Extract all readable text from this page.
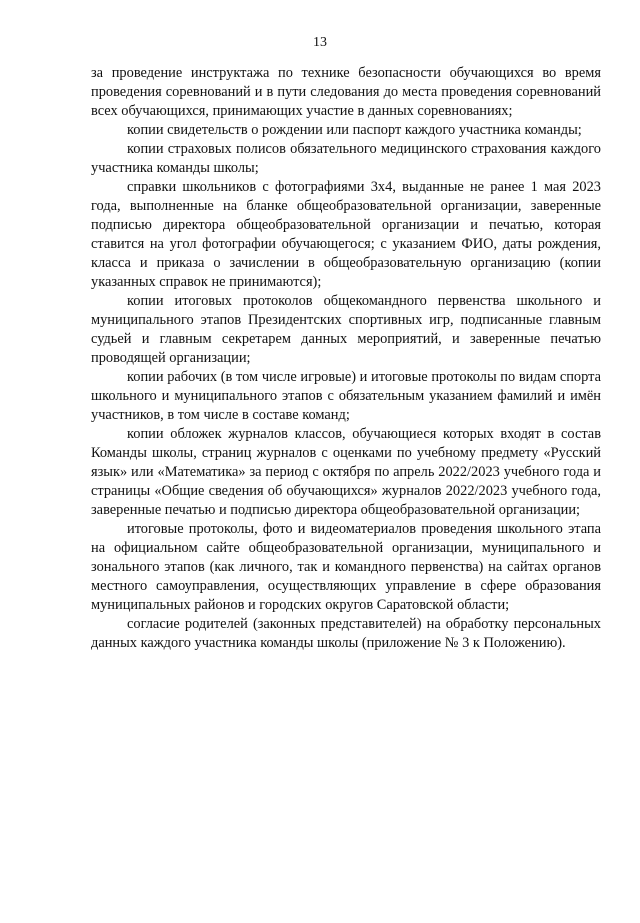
13

за проведение инструктажа по технике безопасности обучающихся во время проведения соревнований и в пути следования до места проведения соревнований всех обучающихся, принимающих участие в данных соревнованиях;

копии свидетельств о рождении или паспорт каждого участника команды;

копии страховых полисов обязательного медицинского страхования каждого участника команды школы;

справки школьников с фотографиями 3х4, выданные не ранее 1 мая 2023 года, выполненные на бланке общеобразовательной организации, заверенные подписью директора общеобразовательной организации и печатью, которая ставится на угол фотографии обучающегося; с указанием ФИО, даты рождения, класса и приказа о зачислении в общеобразовательную организацию (копии указанных справок не принимаются);

копии итоговых протоколов общекомандного первенства школьного и муниципального этапов Президентских спортивных игр, подписанные главным судьей и главным секретарем данных мероприятий, и заверенные печатью проводящей организации;

копии рабочих (в том числе игровые) и итоговые протоколы по видам спорта школьного и муниципального этапов с обязательным указанием фамилий и имён участников, в том числе в составе команд;

копии обложек журналов классов, обучающиеся которых входят в состав Команды школы, страниц журналов с оценками по учебному предмету «Русский язык» или «Математика» за период с октября по апрель 2022/2023 учебного года и страницы «Общие сведения об обучающихся» журналов 2022/2023 учебного года, заверенные печатью и подписью директора общеобразовательной организации;

итоговые протоколы, фото и видеоматериалов проведения школьного этапа на официальном сайте общеобразовательной организации, муниципального и зонального этапов (как личного, так и командного первенства) на сайтах органов местного самоуправления, осуществляющих управление в сфере образования муниципальных районов и городских округов Саратовской области;

согласие родителей (законных представителей) на обработку персональных данных каждого участника команды школы (приложение № 3 к Положению).
